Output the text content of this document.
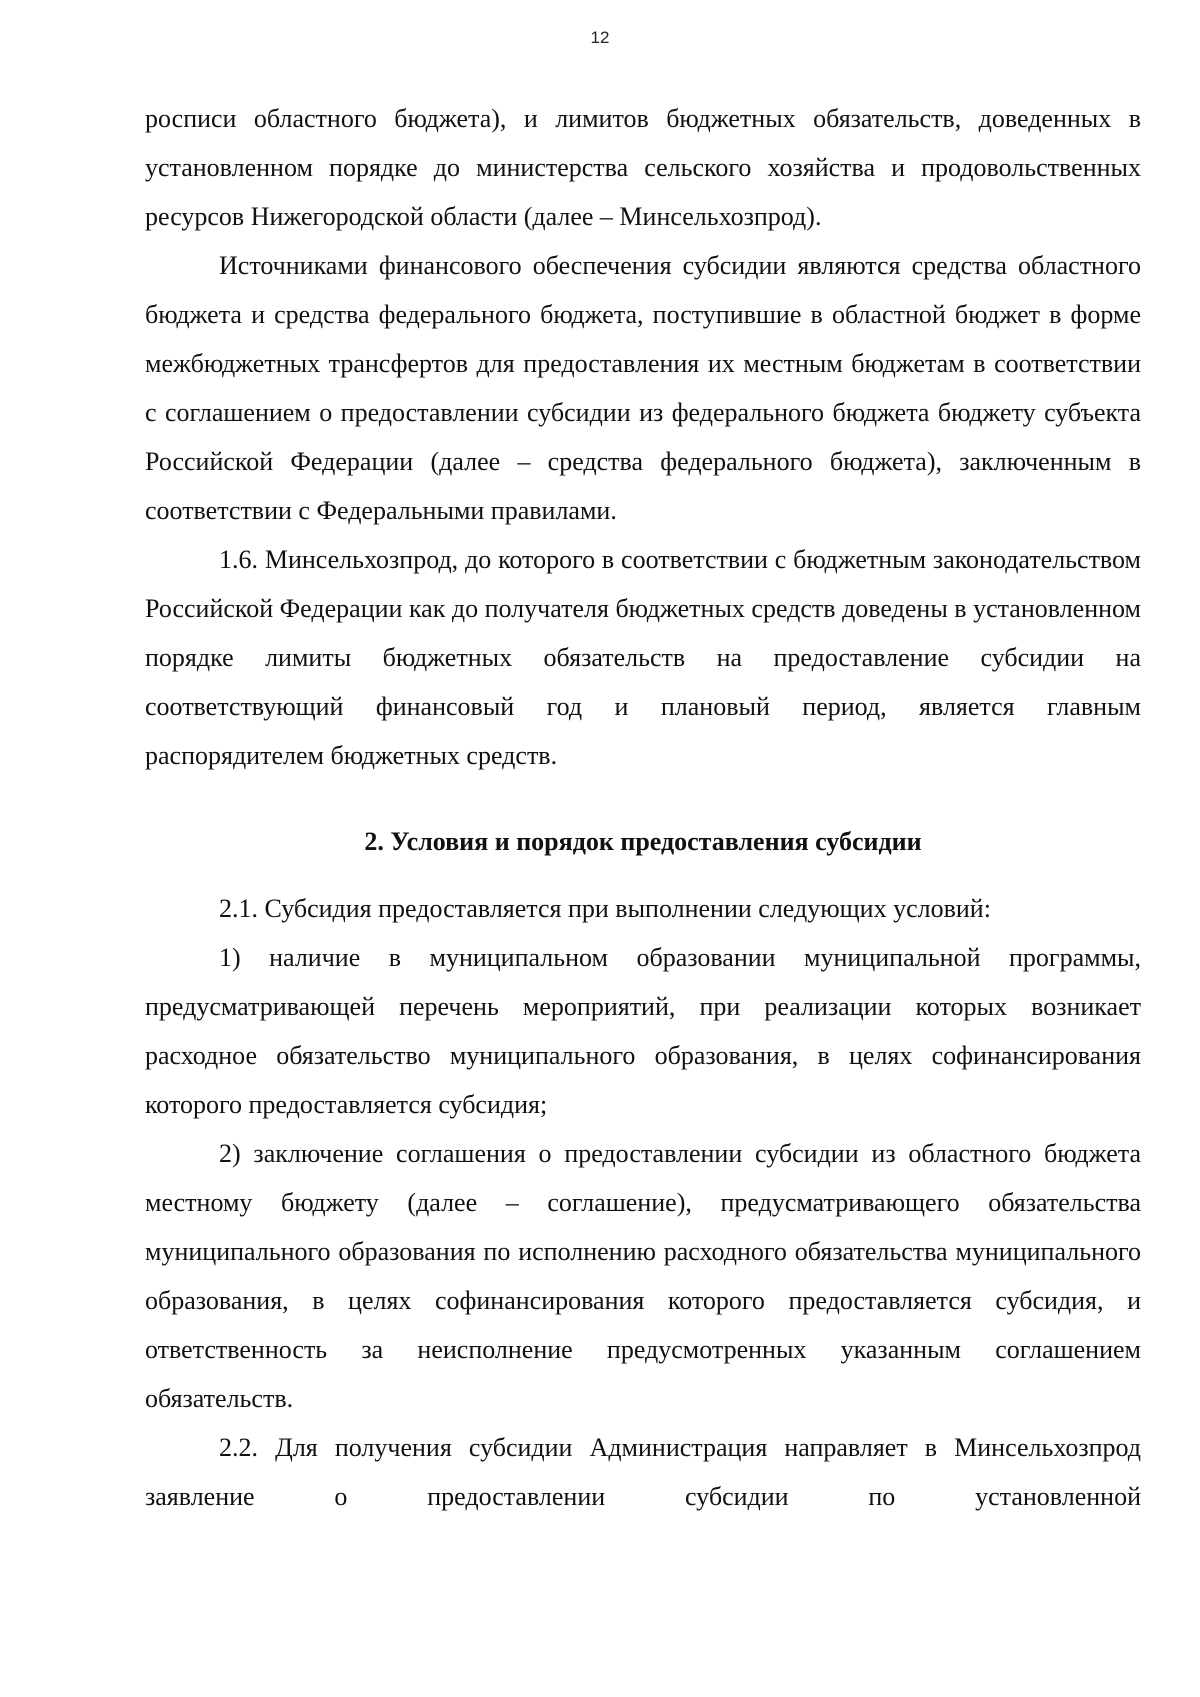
12

росписи областного бюджета), и лимитов бюджетных обязательств, доведенных в установленном порядке до министерства сельского хозяйства и продовольственных ресурсов Нижегородской области (далее – Минсельхозпрод).

Источниками финансового обеспечения субсидии являются средства областного бюджета и средства федерального бюджета, поступившие в областной бюджет в форме межбюджетных трансфертов для предоставления их местным бюджетам в соответствии с соглашением о предоставлении субсидии из федерального бюджета бюджету субъекта Российской Федерации (далее – средства федерального бюджета), заключенным в соответствии с Федеральными правилами.

1.6. Минсельхозпрод, до которого в соответствии с бюджетным законодательством Российской Федерации как до получателя бюджетных средств доведены в установленном порядке лимиты бюджетных обязательств на предоставление субсидии на соответствующий финансовый год и плановый период, является главным распорядителем бюджетных средств.

2. Условия и порядок предоставления субсидии

2.1. Субсидия предоставляется при выполнении следующих условий:

1) наличие в муниципальном образовании муниципальной программы, предусматривающей перечень мероприятий, при реализации которых возникает расходное обязательство муниципального образования, в целях софинансирования которого предоставляется субсидия;

2) заключение соглашения о предоставлении субсидии из областного бюджета местному бюджету (далее – соглашение), предусматривающего обязательства муниципального образования по исполнению расходного обязательства муниципального образования, в целях софинансирования которого предоставляется субсидия, и ответственность за неисполнение предусмотренных указанным соглашением обязательств.

2.2. Для получения субсидии Администрация направляет в Минсельхозпрод заявление о предоставлении субсидии по установленной
